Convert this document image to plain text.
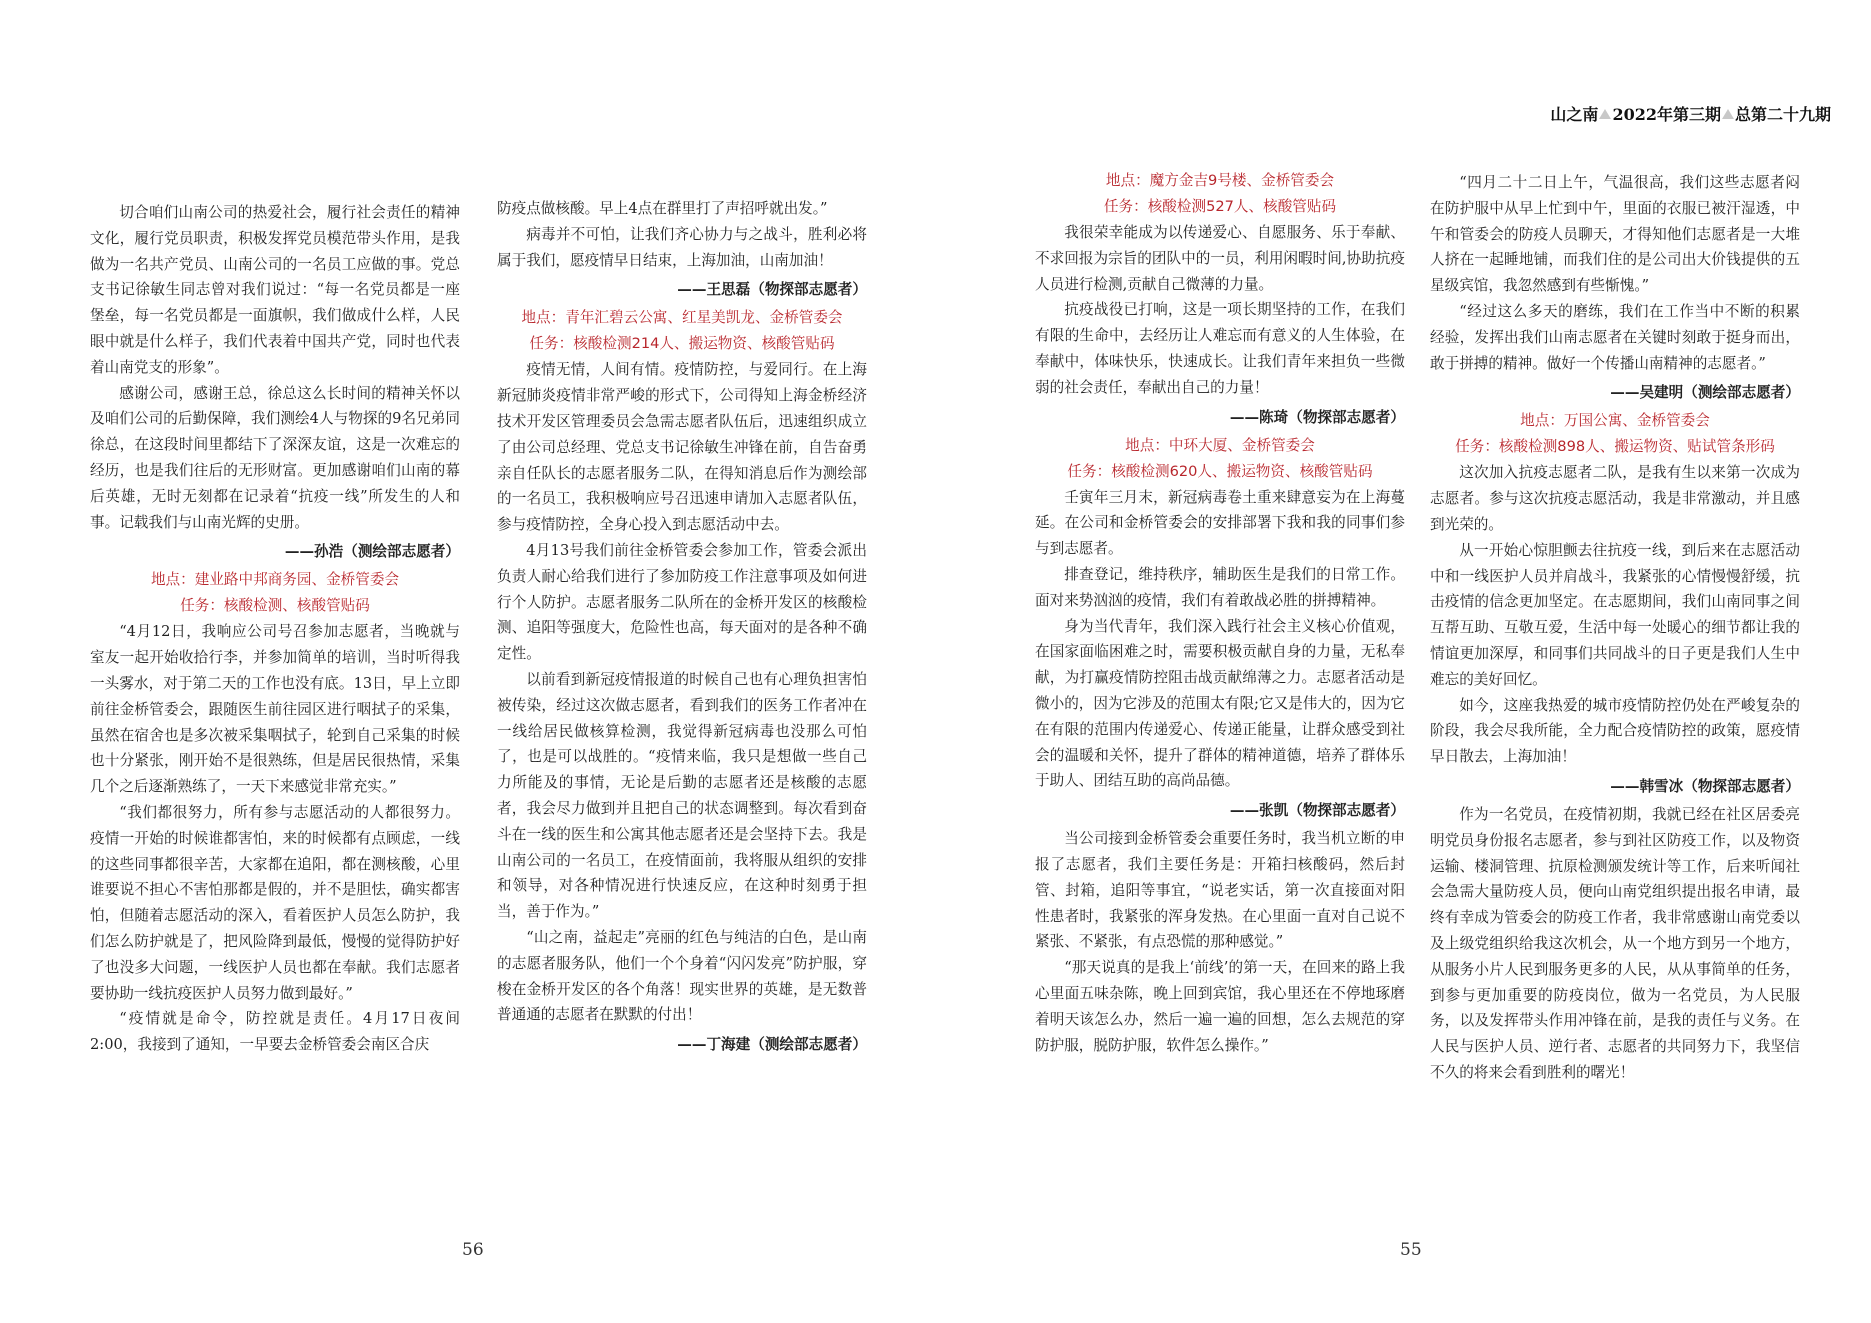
山之南 2022年第三期 总第二十九期

切合咱们山南公司的热爱社会，履行社会责任的精神文化，履行党员职责，积极发挥党员模范带头作用，是我做为一名共产党员、山南公司的一名员工应做的事。党总支书记徐敏生同志曾对我们说过：“每一名党员都是一座堡垒，每一名党员都是一面旗帜，我们做成什么样，人民眼中就是什么样子，我们代表着中国共产党，同时也代表着山南党支的形象”。

感谢公司，感谢王总，徐总这么长时间的精神关怀以及咱们公司的后勤保障，我们测绘4人与物探的9名兄弟同徐总，在这段时间里都结下了深深友谊，这是一次难忘的经历，也是我们往后的无形财富。更加感谢咱们山南的幕后英雄，无时无刻都在记录着“抗疫一线”所发生的人和事。记载我们与山南光辉的史册。

——孙浩（测绘部志愿者）
地点：建业路中邦商务园、金桥管委会
任务：核酸检测、核酸管贴码

“4月12日，我响应公司号召参加志愿者，当晚就与室友一起开始收拾行李，并参加简单的培训，当时听得我一头雾水，对于第二天的工作也没有底。13日，早上立即前往金桥管委会，跟随医生前往园区进行咽拭子的采集，虽然在宿舍也是多次被采集咽拭子，轮到自己采集的时候也十分紧张，刚开始不是很熟练，但是居民很热情，采集几个之后逐渐熟练了，一天下来感觉非常充实。”

“我们都很努力，所有参与志愿活动的人都很努力。疫情一开始的时候谁都害怕，来的时候都有点顾虑，一线的这些同事都很辛苦，大家都在追阳，都在测核酸，心里谁要说不担心不害怕那都是假的，并不是胆怯，确实都害怕，但随着志愿活动的深入，看着医护人员怎么防护，我们怎么防护就是了，把风险降到最低，慢慢的觉得防护好了也没多大问题，一线医护人员也都在奉献。我们志愿者要协助一线抗疫医护人员努力做到最好。”

“疫情就是命令，防控就是责任。4月17日夜间2:00，我接到了通知，一早要去金桥管委会南区合庆

防疫点做核酸。早上4点在群里打了声招呼就出发。”

病毒并不可怕，让我们齐心协力与之战斗，胜利必将属于我们，愿疫情早日结束，上海加油，山南加油！

——王思磊（物探部志愿者）
地点：青年汇碧云公寓、红星美凯龙、金桥管委会
任务：核酸检测214人、搬运物资、核酸管贴码

疫情无情，人间有情。疫情防控，与爱同行。在上海新冠肺炎疫情非常严峻的形式下，公司得知上海金桥经济技术开发区管理委员会急需志愿者队伍后，迅速组织成立了由公司总经理、党总支书记徐敏生冲锋在前，自告奋勇亲自任队长的志愿者服务二队，在得知消息后作为测绘部的一名员工，我积极响应号召迅速申请加入志愿者队伍，参与疫情防控，全身心投入到志愿活动中去。

4月13号我们前往金桥管委会参加工作，管委会派出负责人耐心给我们进行了参加防疫工作注意事项及如何进行个人防护。志愿者服务二队所在的金桥开发区的核酸检测、追阳等强度大，危险性也高，每天面对的是各种不确定性。

以前看到新冠疫情报道的时候自己也有心理负担害怕被传染，经过这次做志愿者，看到我们的医务工作者冲在一线给居民做核算检测，我觉得新冠病毒也没那么可怕了，也是可以战胜的。“疫情来临，我只是想做一些自己力所能及的事情，无论是后勤的志愿者还是核酸的志愿者，我会尽力做到并且把自己的状态调整到。每次看到奋斗在一线的医生和公寓其他志愿者还是会坚持下去。我是山南公司的一名员工，在疫情面前，我将服从组织的安排和领导，对各种情况进行快速反应，在这种时刻勇于担当，善于作为。”

“山之南，益起走”亮丽的红色与纯洁的白色，是山南的志愿者服务队，他们一个个身着“闪闪发亮”防护服，穿梭在金桥开发区的各个角落！现实世界的英雄，是无数普普通通的志愿者在默默的付出！

——丁海建（测绘部志愿者）
地点：魔方金吉9号楼、金桥管委会
任务：核酸检测527人、核酸管贴码

我很荣幸能成为以传递爱心、自愿服务、乐于奉献、不求回报为宗旨的团队中的一员，利用闲暇时间,协助抗疫人员进行检测,贡献自己微薄的力量。

抗疫战役已打响，这是一项长期坚持的工作，在我们有限的生命中，去经历让人难忘而有意义的人生体验，在奉献中，体味快乐，快速成长。让我们青年来担负一些微弱的社会责任，奉献出自己的力量！

——陈琦（物探部志愿者）
地点：中环大厦、金桥管委会
任务：核酸检测620人、搬运物资、核酸管贴码

壬寅年三月末，新冠病毒卷土重来肆意妄为在上海蔓延。在公司和金桥管委会的安排部署下我和我的同事们参与到志愿者。

排查登记，维持秩序，辅助医生是我们的日常工作。面对来势汹汹的疫情，我们有着敢战必胜的拼搏精神。

身为当代青年，我们深入践行社会主义核心价值观，在国家面临困难之时，需要积极贡献自身的力量，无私奉献，为打赢疫情防控阻击战贡献绵薄之力。志愿者活动是微小的，因为它涉及的范围太有限;它又是伟大的，因为它在有限的范围内传递爱心、传递正能量，让群众感受到社会的温暖和关怀，提升了群体的精神道德，培养了群体乐于助人、团结互助的高尚品德。

——张凯（物探部志愿者）

当公司接到金桥管委会重要任务时，我当机立断的申报了志愿者，我们主要任务是：开箱扫核酸码，然后封管、封箱，追阳等事宜，“说老实话，第一次直接面对阳性患者时，我紧张的浑身发热。在心里面一直对自己说不紧张、不紧张，有点恐慌的那种感觉。”

“那天说真的是我上‘前线’的第一天，在回来的路上我心里面五味杂陈，晚上回到宾馆，我心里还在不停地琢磨着明天该怎么办，然后一遍一遍的回想，怎么去规范的穿防护服，脱防护服，软件怎么操作。”

“四月二十二日上午，气温很高，我们这些志愿者闷在防护服中从早上忙到中午，里面的衣服已被汗湿透，中午和管委会的防疫人员聊天，才得知他们志愿者是一大堆人挤在一起睡地铺，而我们住的是公司出大价钱提供的五星级宾馆，我忽然感到有些惭愧。”

“经过这么多天的磨练，我们在工作当中不断的积累经验，发挥出我们山南志愿者在关键时刻敢于挺身而出，敢于拼搏的精神。做好一个传播山南精神的志愿者。”

——吴建明（测绘部志愿者）
地点：万国公寓、金桥管委会
任务：核酸检测898人、搬运物资、贴试管条形码

这次加入抗疫志愿者二队，是我有生以来第一次成为志愿者。参与这次抗疫志愿活动，我是非常激动，并且感到光荣的。

从一开始心惊胆颤去往抗疫一线，到后来在志愿活动中和一线医护人员并肩战斗，我紧张的心情慢慢舒缓，抗击疫情的信念更加坚定。在志愿期间，我们山南同事之间互帮互助、互敬互爱，生活中每一处暖心的细节都让我的情谊更加深厚，和同事们共同战斗的日子更是我们人生中难忘的美好回忆。

如今，这座我热爱的城市疫情防控仍处在严峻复杂的阶段，我会尽我所能，全力配合疫情防控的政策，愿疫情早日散去，上海加油！

——韩雪冰（物探部志愿者）

作为一名党员，在疫情初期，我就已经在社区居委亮明党员身份报名志愿者，参与到社区防疫工作，以及物资运输、楼洞管理、抗原检测颁发统计等工作，后来听闻社会急需大量防疫人员，便向山南党组织提出报名申请，最终有幸成为管委会的防疫工作者，我非常感谢山南党委以及上级党组织给我这次机会，从一个地方到另一个地方，从服务小片人民到服务更多的人民，从从事简单的任务，到参与更加重要的防疫岗位，做为一名党员，为人民服务，以及发挥带头作用冲锋在前，是我的责任与义务。在人民与医护人员、逆行者、志愿者的共同努力下，我坚信不久的将来会看到胜利的曙光！

56	55
